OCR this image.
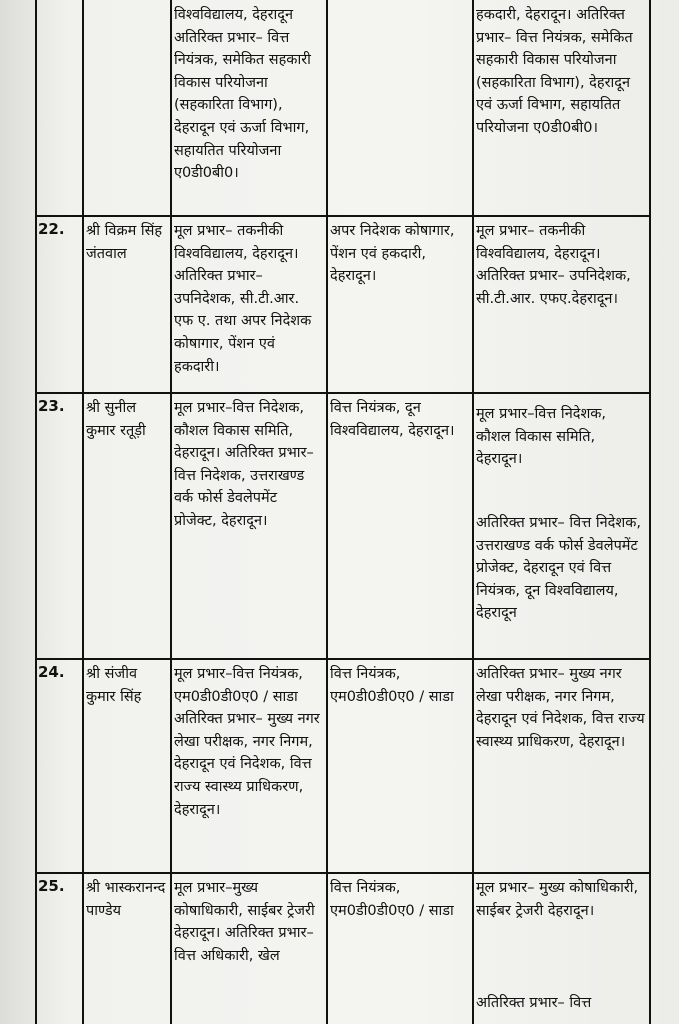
विश्वविद्यालय, देहरादून अतिरिक्त प्रभार– वित्त नियंत्रक, समेकित सहकारी विकास परियोजना (सहकारिता विभाग), देहरादून एवं ऊर्जा विभाग, सहायतित परियोजना ए0डी0बी0।
हकदारी, देहरादून। अतिरिक्त प्रभार– वित्त नियंत्रक, समेकित सहकारी विकास परियोजना (सहकारिता विभाग), देहरादून एवं ऊर्जा विभाग, सहायतित परियोजना ए0डी0बी0।
22. श्री विक्रम सिंह जंतवाल
मूल प्रभार– तकनीकी विश्वविद्यालय, देहरादून। अतिरिक्त प्रभार– उपनिदेशक, सी.टी.आर. एफ ए. तथा अपर निदेशक कोषागार, पेंशन एवं हकदारी।
अपर निदेशक कोषागार, पेंशन एवं हकदारी, देहरादून।
मूल प्रभार– तकनीकी विश्वविद्यालय, देहरादून। अतिरिक्त प्रभार– उपनिदेशक, सी.टी.आर. एफए.देहरादून।
23. श्री सुनील कुमार रतूड़ी
मूल प्रभार–वित्त निदेशक, कौशल विकास समिति, देहरादून। अतिरिक्त प्रभार– वित्त निदेशक, उत्तराखण्ड वर्क फोर्स डेवलेपमेंट प्रोजेक्ट, देहरादून।
वित्त नियंत्रक, दून विश्वविद्यालय, देहरादून।
मूल प्रभार–वित्त निदेशक, कौशल विकास समिति, देहरादून।
अतिरिक्त प्रभार– वित्त निदेशक, उत्तराखण्ड वर्क फोर्स डेवलेपमेंट प्रोजेक्ट, देहरादून एवं वित्त नियंत्रक, दून विश्वविद्यालय, देहरादून
24. श्री संजीव कुमार सिंह
मूल प्रभार–वित्त नियंत्रक, एम0डी0डी0ए0 / साडा अतिरिक्त प्रभार– मुख्य नगर लेखा परीक्षक, नगर निगम, देहरादून एवं निदेशक, वित्त राज्य स्वास्थ्य प्राधिकरण, देहरादून।
वित्त नियंत्रक, एम0डी0डी0ए0 / साडा
अतिरिक्त प्रभार– मुख्य नगर लेखा परीक्षक, नगर निगम, देहरादून एवं निदेशक, वित्त राज्य स्वास्थ्य प्राधिकरण, देहरादून।
25. श्री भास्करानन्द पाण्डेय
मूल प्रभार–मुख्य कोषाधिकारी, साईबर ट्रेजरी देहरादून। अतिरिक्त प्रभार– वित्त अधिकारी, खेल
वित्त नियंत्रक, एम0डी0डी0ए0 / साडा
मूल प्रभार– मुख्य कोषाधिकारी, साईबर ट्रेजरी देहरादून।
अतिरिक्त प्रभार– वित्त
